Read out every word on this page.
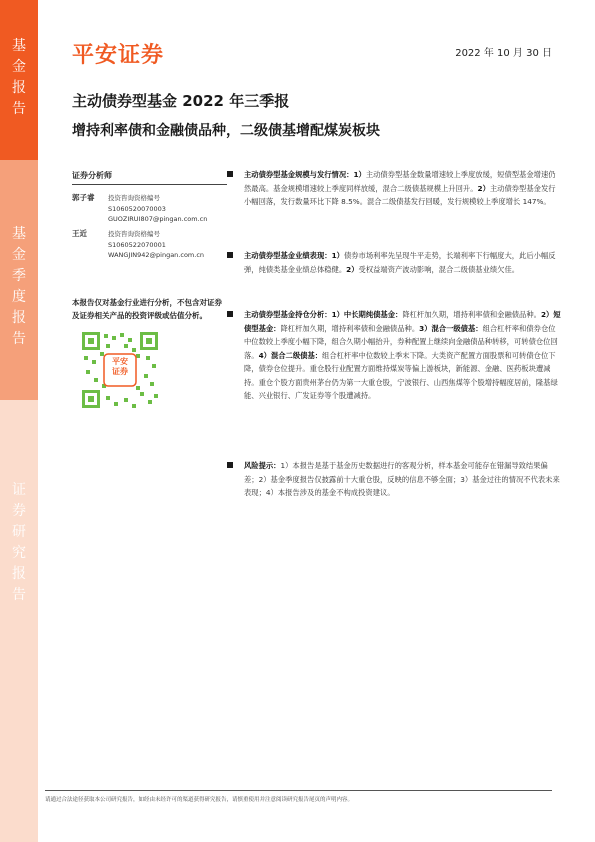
基
金
报
告
基
金
季
度
报
告
证
券
研
究
报
告
平安证券	2022 年 10 月 30 日
主动债券型基金 2022 年三季报
增持利率债和金融债品种，二级债基增配煤炭板块
证券分析师
郭子睿	投资咨询资格编号
S1060520070003
GUOZIRUI807@pingan.com.cn
王近	投资咨询资格编号
S1060522070001
WANGJIN942@pingan.com.cn
本报告仅对基金行业进行分析，不包含对证券及证券相关产品的投资评级或估值分析。
平安
证券
主动债券型基金规模与发行情况：1）主动债券型基金数量增速较上季度放缓，短债型基金增速仍然最高。基金规模增速较上季度同样放缓，混合二级债基规模上升回升。2）主动债券型基金发行小幅回落，发行数量环比下降 8.5%。混合二级债基发行回暖，发行规模较上季度增长 147%。
主动债券型基金业绩表现：1）债券市场利率先呈现牛平走势，长端利率下行幅度大，此后小幅反弹，纯债类基金业绩总体稳健。2）受权益端资产波动影响，混合二级债基业绩欠佳。
主动债券型基金持仓分析：1）中长期纯债基金：降杠杆加久期，增持利率债和金融债品种。2）短债型基金：降杠杆加久期，增持利率债和金融债品种。3）混合一级债基：组合杠杆率和债券仓位中位数较上季度小幅下降，组合久期小幅抬升，券种配置上继续向金融债品种转移，可转债仓位回落。4）混合二级债基：组合杠杆率中位数较上季末下降。大类资产配置方面股票和可转债仓位下降，债券仓位提升。重仓股行业配置方面维持煤炭等偏上游板块，新能源、金融、医药板块遭减持。重仓个股方面贵州茅台仍为第一大重仓股，宁波银行、山西焦煤等个股增持幅度居前，隆基绿能、兴业银行、广发证券等个股遭减持。
风险提示：1）本报告是基于基金历史数据进行的客观分析，样本基金可能存在错漏导致结果偏差；2）基金季度报告仅披露前十大重仓股，反映的信息不够全面；3）基金过往的情况不代表未来表现；4）本报告涉及的基金不构成投资建议。
请通过合法途径获取本公司研究报告，如经由未经许可的渠道获得研究报告，请慎重使用并注意阅读研究报告尾页的声明内容。
